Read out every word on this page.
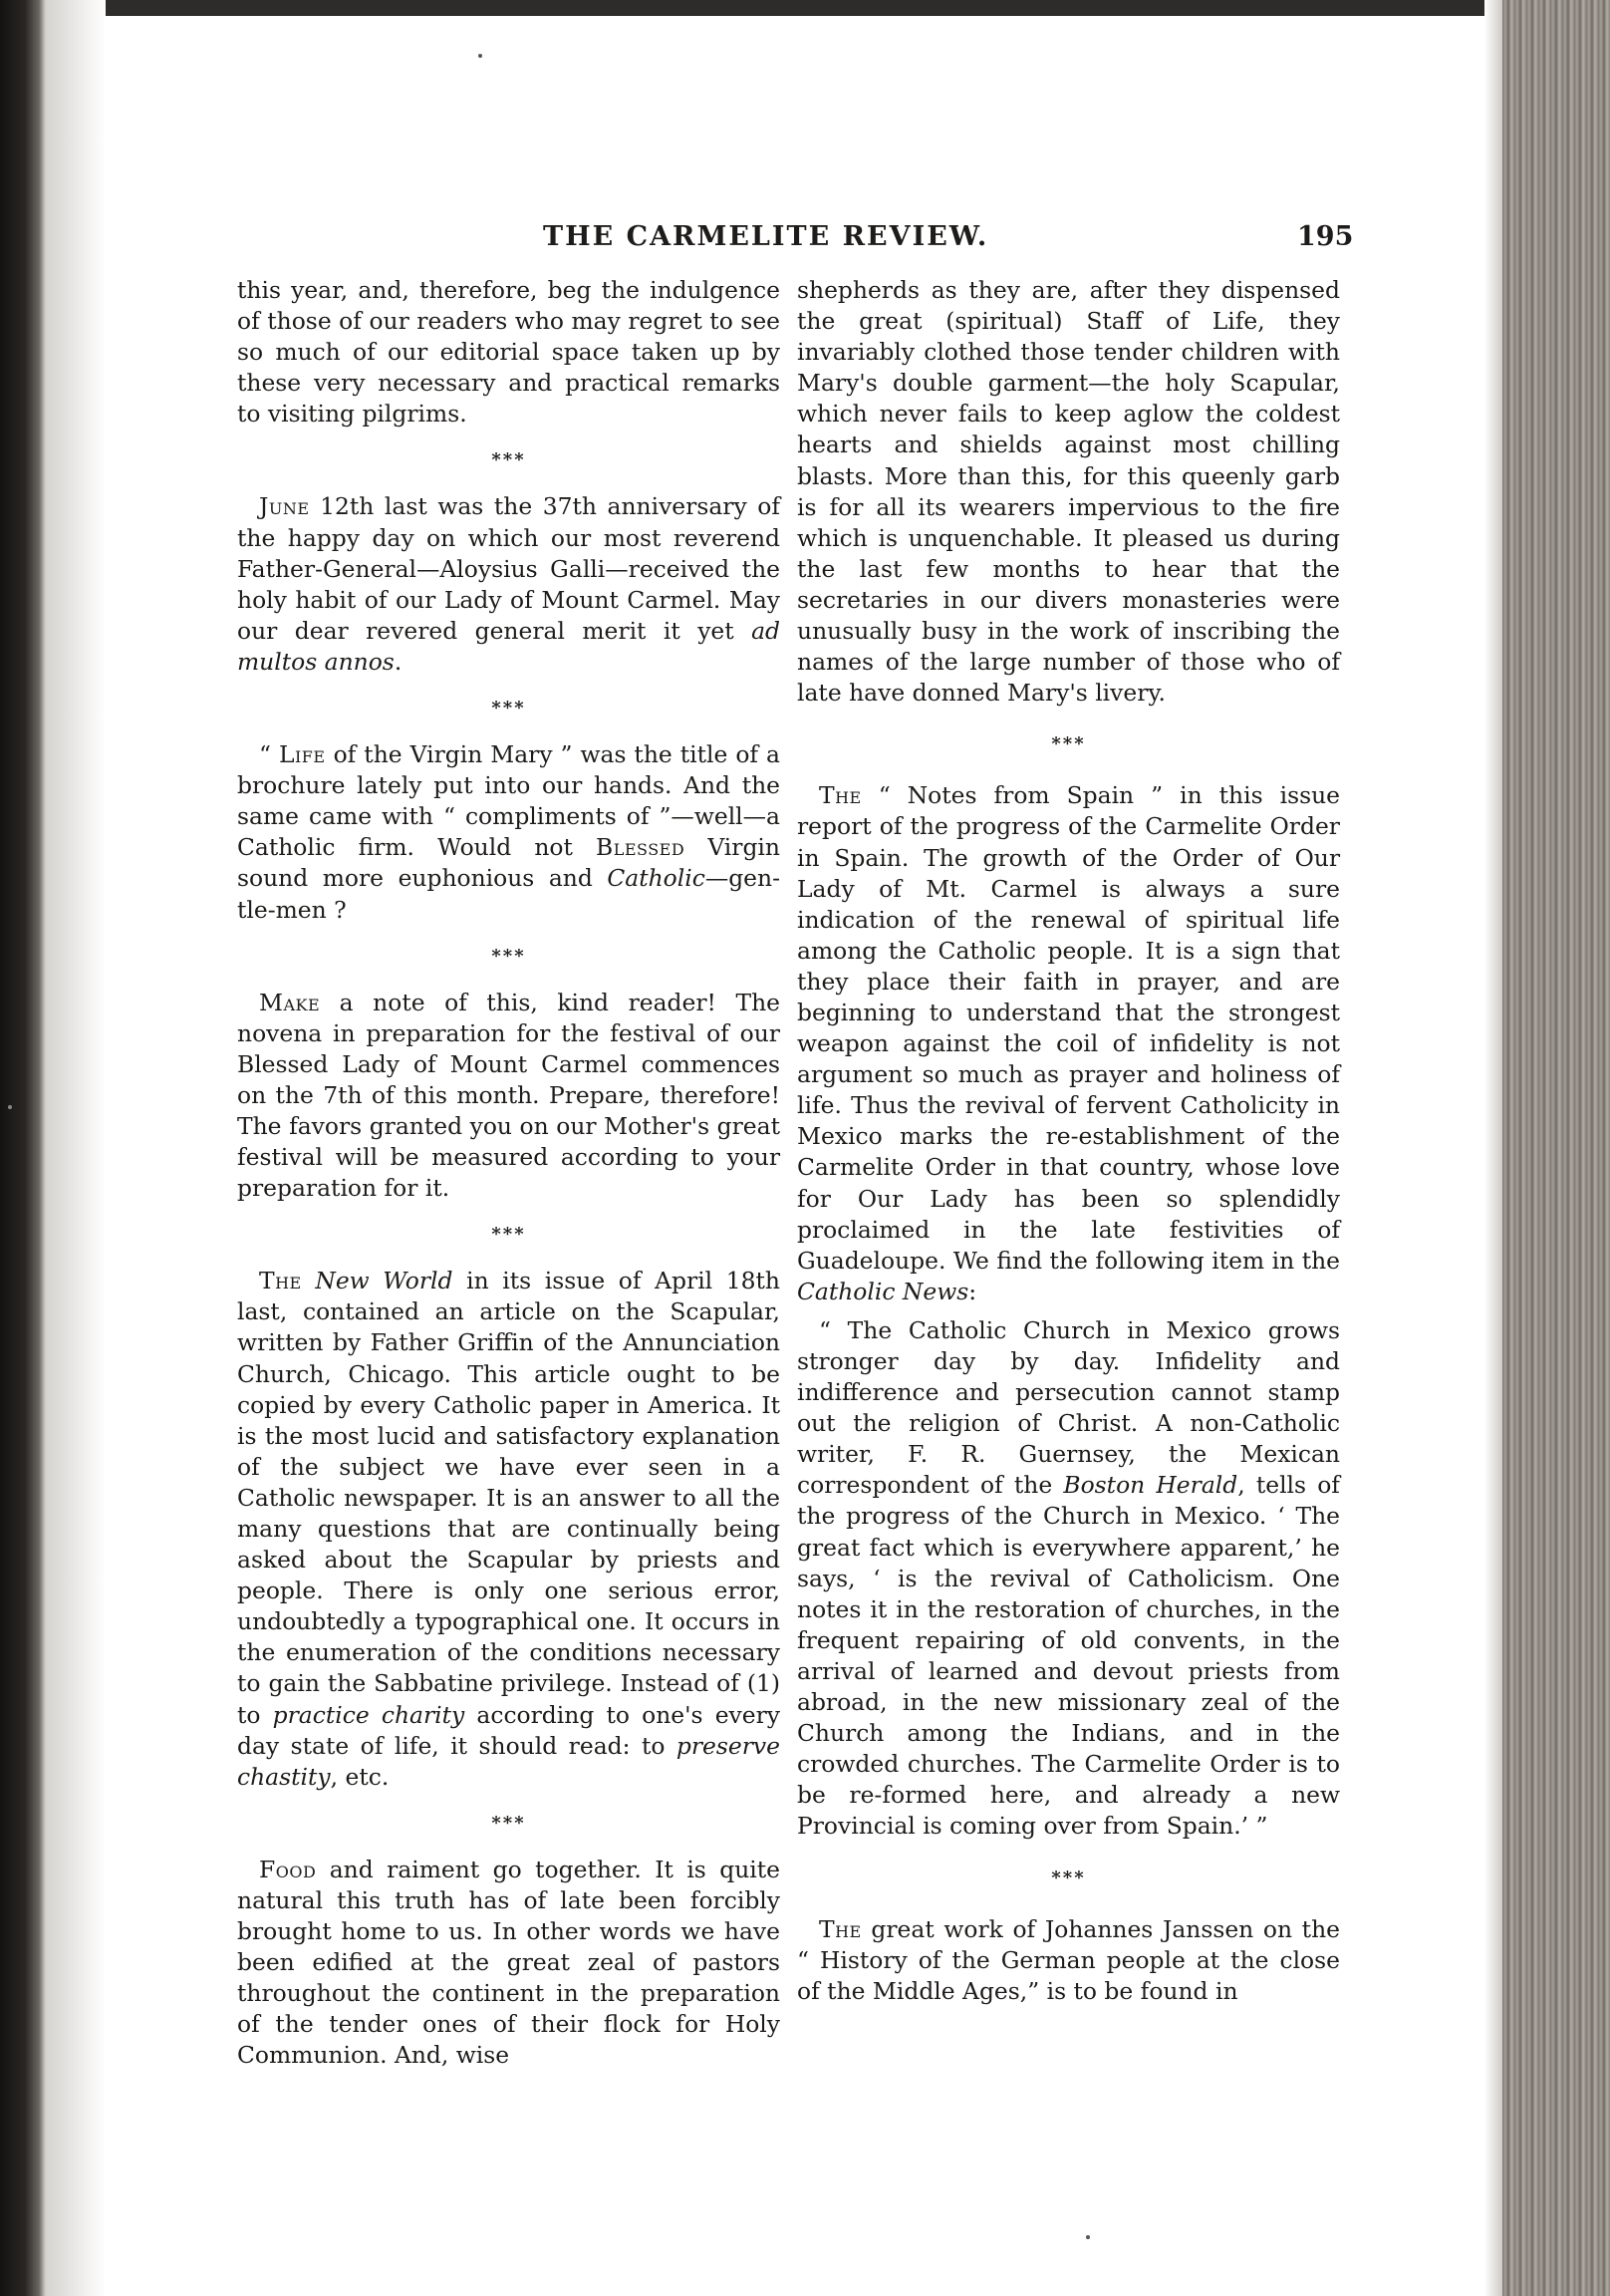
THE CARMELITE REVIEW.	195

this year, and, therefore, beg the indulgence of those of our readers who may regret to see so much of our editorial space taken up by these very necessary and practical remarks to visiting pilgrims.

***

June 12th last was the 37th anniversary of the happy day on which our most reverend Father-General—Aloysius Galli—received the holy habit of our Lady of Mount Carmel. May our dear revered general merit it yet ad multos annos.

***

“ Life of the Virgin Mary ” was the title of a brochure lately put into our hands. And the same came with “ compliments of ”—well—a Catholic firm. Would not Blessed Virgin sound more euphonious and Catholic—gen-tle-men ?

***

Make a note of this, kind reader! The novena in preparation for the festival of our Blessed Lady of Mount Carmel commences on the 7th of this month. Prepare, therefore! The favors granted you on our Mother's great festival will be measured according to your preparation for it.

***

The New World in its issue of April 18th last, contained an article on the Scapular, written by Father Griffin of the Annunciation Church, Chicago. This article ought to be copied by every Catholic paper in America. It is the most lucid and satisfactory explanation of the subject we have ever seen in a Catholic newspaper. It is an answer to all the many questions that are continually being asked about the Scapular by priests and people. There is only one serious error, undoubtedly a typographical one. It occurs in the enumeration of the conditions necessary to gain the Sabbatine privilege. Instead of (1) to practice charity according to one's every day state of life, it should read: to preserve chastity, etc.

***

Food and raiment go together. It is quite natural this truth has of late been forcibly brought home to us. In other words we have been edified at the great zeal of pastors throughout the continent in the preparation of the tender ones of their flock for Holy Communion. And, wise

shepherds as they are, after they dispensed the great (spiritual) Staff of Life, they invariably clothed those tender children with Mary's double garment—the holy Scapular, which never fails to keep aglow the coldest hearts and shields against most chilling blasts. More than this, for this queenly garb is for all its wearers impervious to the fire which is unquenchable. It pleased us during the last few months to hear that the secretaries in our divers monasteries were unusually busy in the work of inscribing the names of the large number of those who of late have donned Mary's livery.

***

The “ Notes from Spain ” in this issue report of the progress of the Carmelite Order in Spain. The growth of the Order of Our Lady of Mt. Carmel is always a sure indication of the renewal of spiritual life among the Catholic people. It is a sign that they place their faith in prayer, and are beginning to understand that the strongest weapon against the coil of infidelity is not argument so much as prayer and holiness of life. Thus the revival of fervent Catholicity in Mexico marks the re-establishment of the Carmelite Order in that country, whose love for Our Lady has been so splendidly proclaimed in the late festivities of Guadeloupe. We find the following item in the Catholic News:

“ The Catholic Church in Mexico grows stronger day by day. Infidelity and indifference and persecution cannot stamp out the religion of Christ. A non-Catholic writer, F. R. Guernsey, the Mexican correspondent of the Boston Herald, tells of the progress of the Church in Mexico. ‘ The great fact which is everywhere apparent,’ he says, ‘ is the revival of Catholicism. One notes it in the restoration of churches, in the frequent repairing of old convents, in the arrival of learned and devout priests from abroad, in the new missionary zeal of the Church among the Indians, and in the crowded churches. The Carmelite Order is to be re-formed here, and already a new Provincial is coming over from Spain.’ ”

***

The great work of Johannes Janssen on the “ History of the German people at the close of the Middle Ages,” is to be found in
